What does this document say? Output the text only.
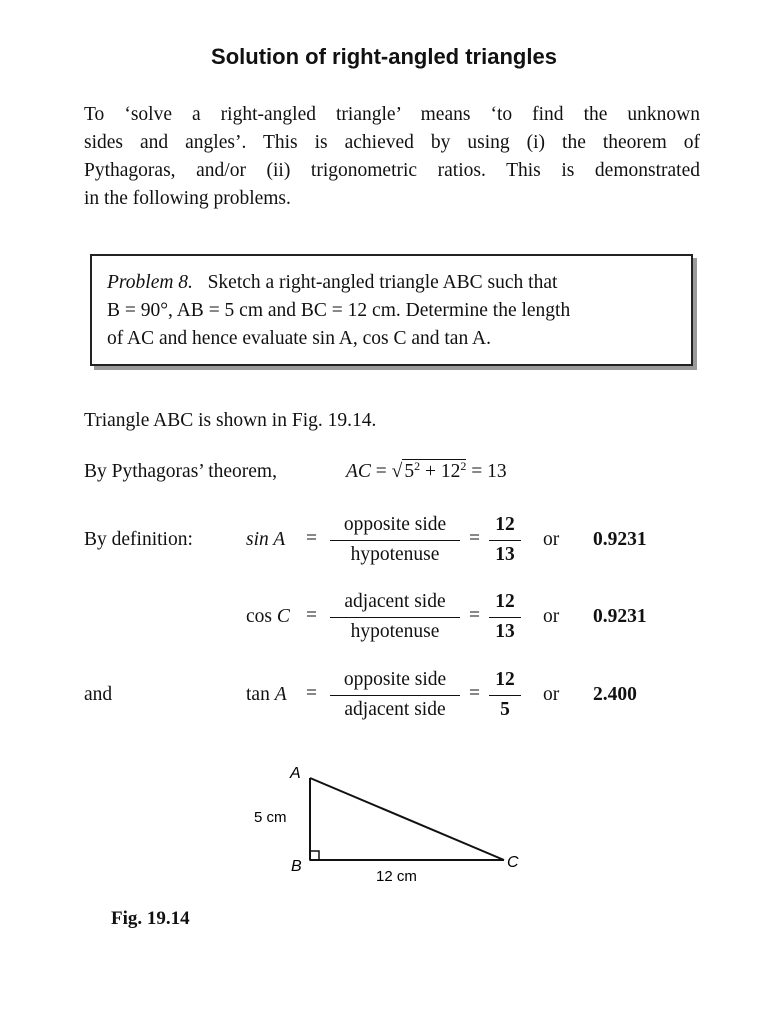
Solution of right-angled triangles
To ‘solve a right-angled triangle’ means ‘to find the unknown
sides and angles’. This is achieved by using (i) the theorem of
Pythagoras, and/or (ii) trigonometric ratios. This is demonstrated
in the following problems.
Problem 8. Sketch a right-angled triangle ABC such that
B = 90°, AB = 5 cm and BC = 12 cm. Determine the length
of AC and hence evaluate sin A, cos C and tan A.
Triangle ABC is shown in Fig. 19.14.
By Pythagoras’ theorem,	AC = √ $5^2 + 12^2 = 13$
By definition:	sin A =
opposite side
hypotenuse
= $\frac{12}{13}$ or 0.9231
cos C =
adjacent side
hypotenuse
= $\frac{12}{13}$ or 0.9231
and	tan A =
opposite side
adjacent side
= $\frac{12}{5}$ or 2.400
A
B	C
5 cm
12 cm
Fig. 19.14
